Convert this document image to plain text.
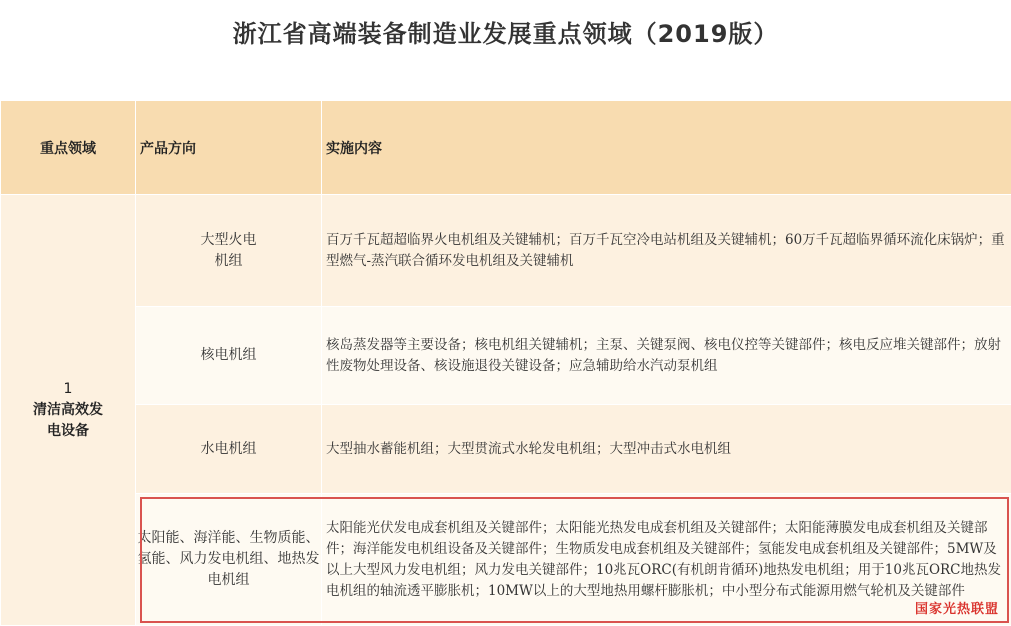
浙江省高端装备制造业发展重点领域（2019版）
重点领域	产品方向	实施内容

1
清洁高效发电设备	大型火电机组	百万千瓦超超临界火电机组及关键辅机；百万千瓦空冷电站机组及关键辅机；60万千瓦超临界循环流化床锅炉；重型燃气-蒸汽联合循环发电机组及关键辅机
	核电机组	核岛蒸发器等主要设备；核电机组关键辅机；主泵、关键泵阀、核电仪控等关键部件；核电反应堆关键部件；放射性废物处理设备、核设施退役关键设备；应急辅助给水汽动泵机组
	水电机组	大型抽水蓄能机组；大型贯流式水轮发电机组；大型冲击式水电机组
	太阳能、海洋能、生物质能、氢能、风力发电机组、地热发电机组	太阳能光伏发电成套机组及关键部件；太阳能光热发电成套机组及关键部件；太阳能薄膜发电成套机组及关键部件；海洋能发电机组设备及关键部件；生物质发电成套机组及关键部件；氢能发电成套机组及关键部件；5MW及以上大型风力发电机组；风力发电关键部件；10兆瓦ORC(有机朗肯循环)地热发电机组；用于10兆瓦ORC地热发电机组的轴流透平膨胀机；10MW以上的大型地热用螺杆膨胀机；中小型分布式能源用燃气轮机及关键部件
国家光热联盟
